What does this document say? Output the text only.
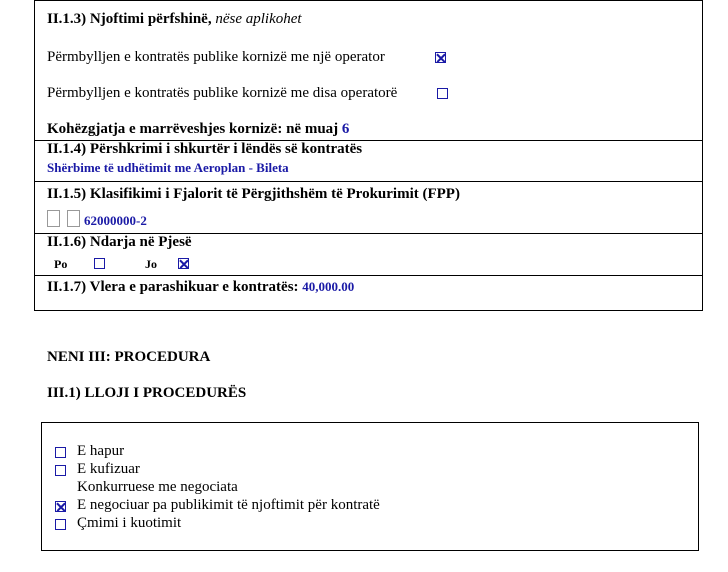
II.1.3) Njoftimi përfshinë, nëse aplikohet
Përmbylljen e kontratës publike kornizë me një operator
Përmbylljen e kontratës publike kornizë me disa operatorë
Kohëzgjatja e marrëveshjes kornizë: në muaj 6
II.1.4) Përshkrimi i shkurtër i lëndës së kontratës
Shërbime të udhëtimit me Aeroplan - Bileta
II.1.5) Klasifikimi i Fjalorit të Përgjithshëm të Prokurimit (FPP)
62000000-2
II.1.6) Ndarja në Pjesë
Po	Jo
II.1.7) Vlera e parashikuar e kontratës: 40,000.00
NENI III: PROCEDURA
III.1) LLOJI I PROCEDURËS
E hapur
E kufizuar
Konkurruese me negociata
E negociuar pa publikimit të njoftimit për kontratë
Çmimi i kuotimit
